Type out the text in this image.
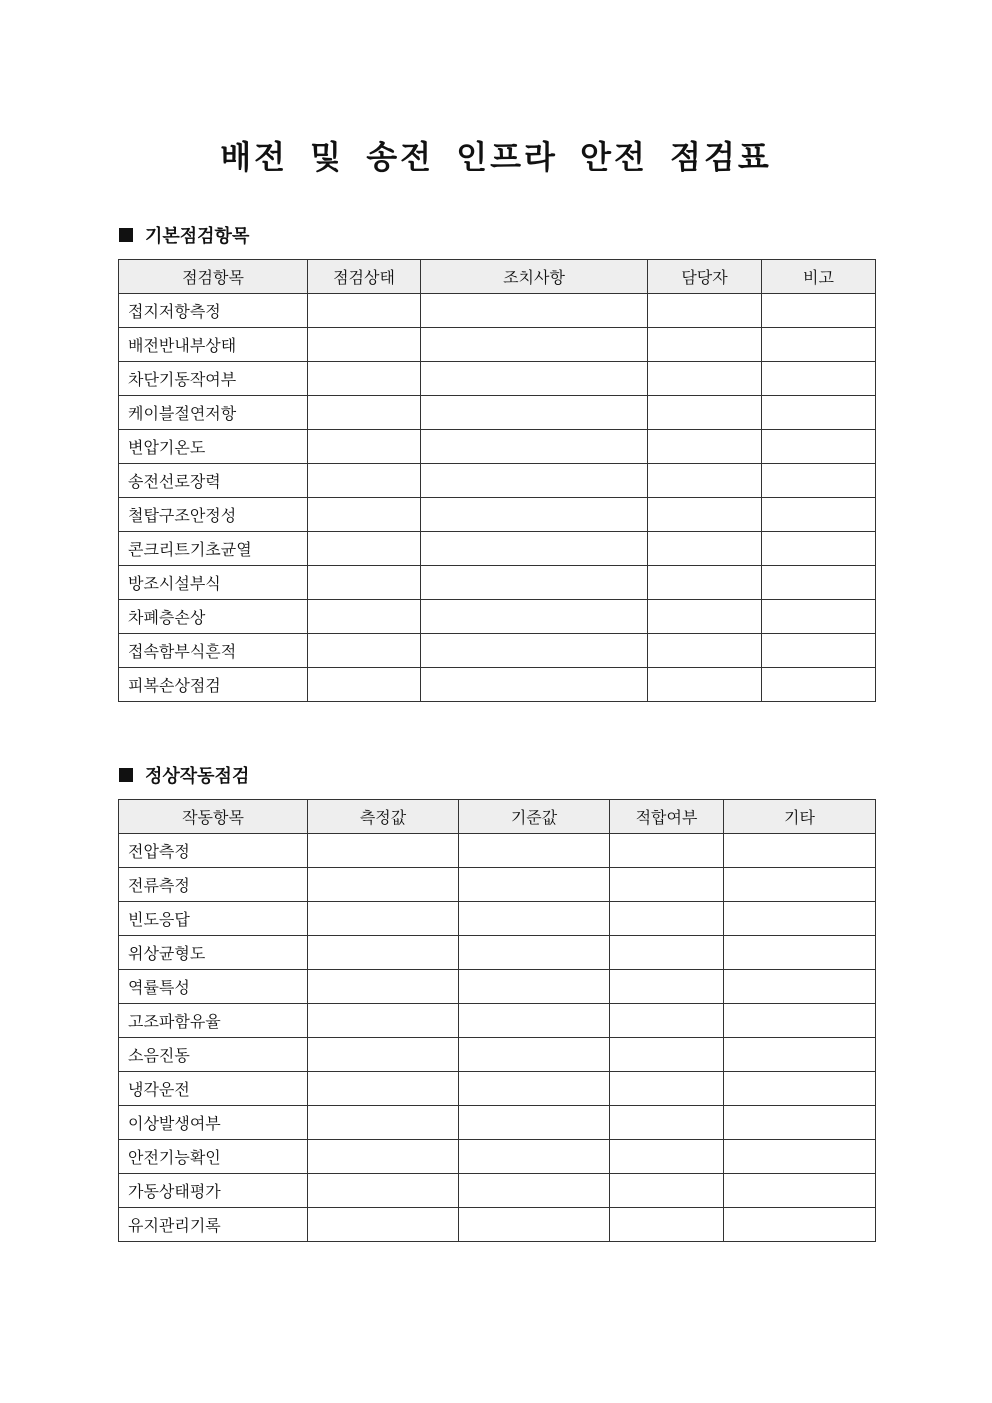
배전 및 송전 인프라 안전 점검표
기본점검항목
점검항목	점검상태	조치사항	담당자	비고
접지저항측정				
배전반내부상태				
차단기동작여부				
케이블절연저항				
변압기온도				
송전선로장력				
철탑구조안정성				
콘크리트기초균열				
방조시설부식				
차폐층손상				
접속함부식흔적				
피복손상점검				
정상작동점검
작동항목	측정값	기준값	적합여부	기타
전압측정				
전류측정				
빈도응답				
위상균형도				
역률특성				
고조파함유율				
소음진동				
냉각운전				
이상발생여부				
안전기능확인				
가동상태평가				
유지관리기록				
